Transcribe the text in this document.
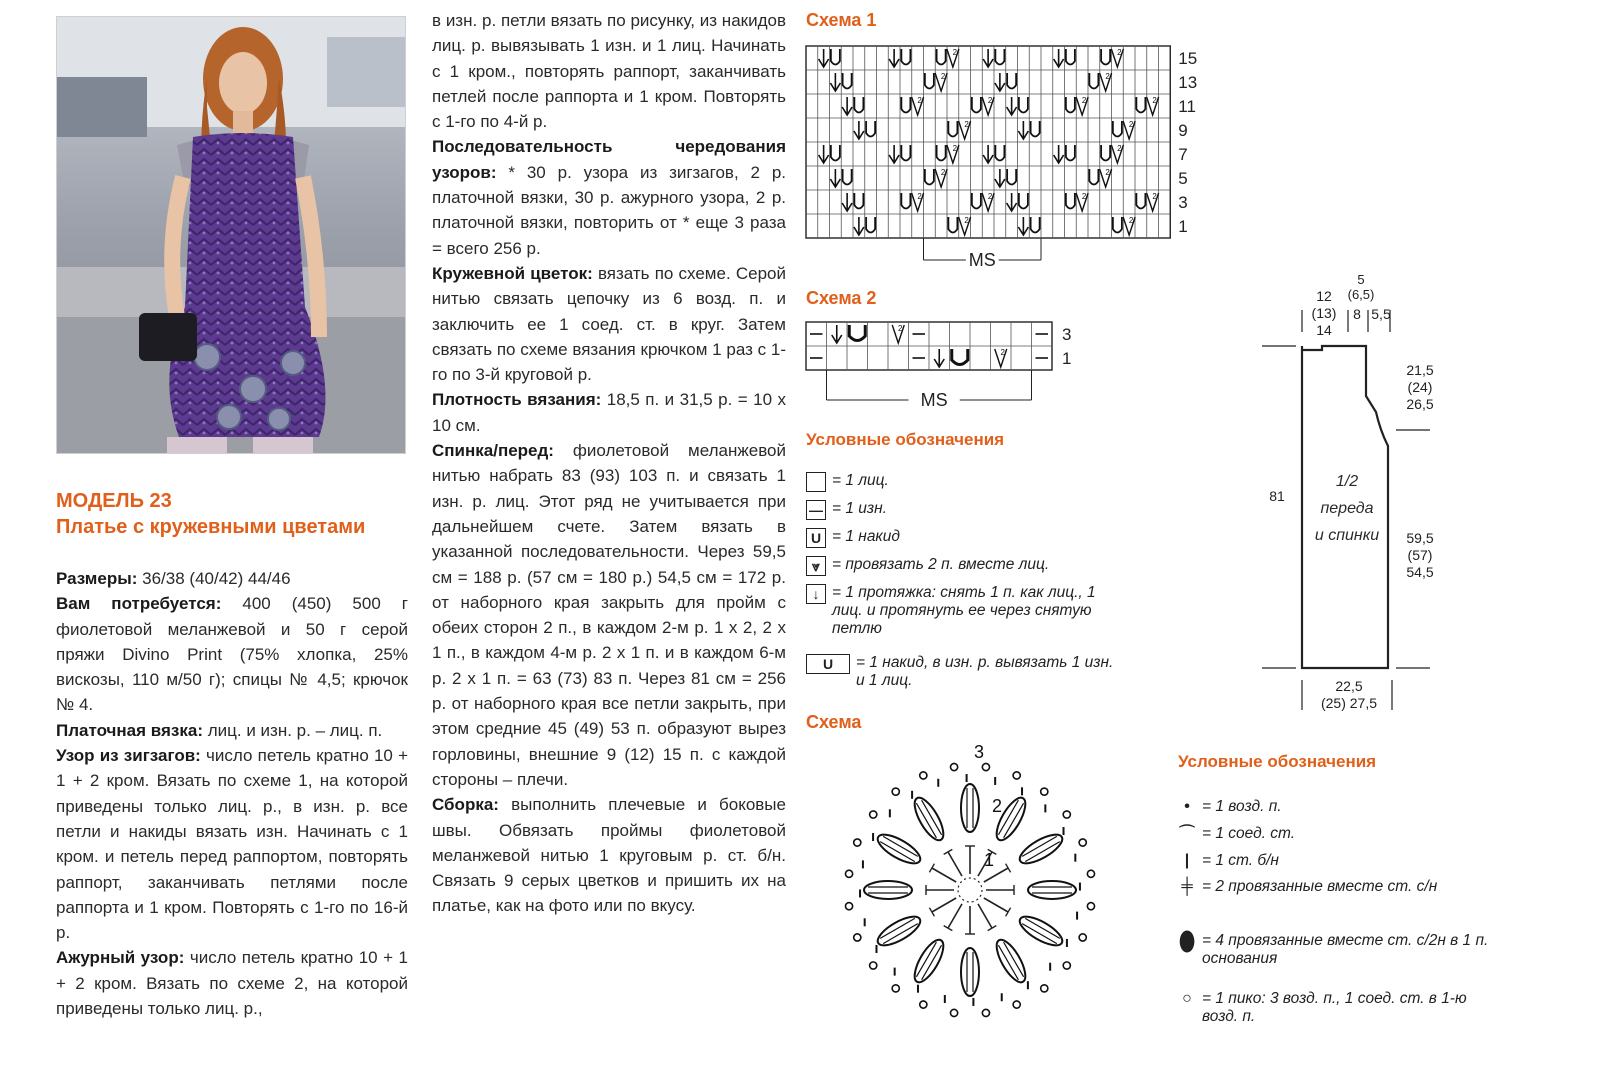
МОДЕЛЬ 23
Платье с кружевными цветами

Размеры: 36/38 (40/42) 44/46

Вам потребуется: 400 (450) 500 г фиолетовой меланжевой и 50 г серой пряжи Divino Print (75% хлопка, 25% вискозы, 110 м/50 г); спицы № 4,5; крючок № 4.

Платочная вязка: лиц. и изн. р. – лиц. п.

Узор из зигзагов: число петель кратно 10 + 1 + 2 кром. Вязать по схеме 1, на которой приведены только лиц. р., в изн. р. все петли и накиды вязать изн. Начинать с 1 кром. и петель перед раппортом, повторять раппорт, заканчивать петлями после раппорта и 1 кром. Повторять с 1-го по 16-й р.

Ажурный узор: число петель кратно 10 + 1 + 2 кром. Вязать по схеме 2, на которой приведены только лиц. р.,

в изн. р. петли вязать по рисунку, из накидов лиц. р. вывязывать 1 изн. и 1 лиц. Начинать с 1 кром., повторять раппорт, заканчивать петлей после раппорта и 1 кром. Повторять с 1-го по 4-й р.

Последовательность чередования узоров: * 30 р. узора из зигзагов, 2 р. платочной вязки, 30 р. ажурного узора, 2 р. платочной вязки, повторить от * еще 3 раза = всего 256 р.

Кружевной цветок: вязать по схеме. Серой нитью связать цепочку из 6 возд. п. и заключить ее 1 соед. ст. в круг. Затем связать по схеме вязания крючком 1 раз с 1-го по 3-й круговой р.

Плотность вязания: 18,5 п. и 31,5 р. = 10 х 10 см.

Спинка/перед: фиолетовой меланжевой нитью набрать 83 (93) 103 п. и связать 1 изн. р. лиц. Этот ряд не учитывается при дальнейшем счете. Затем вязать в указанной последовательности. Через 59,5 см = 188 р. (57 см = 180 р.) 54,5 см = 172 р. от наборного края закрыть для пройм с обеих сторон 2 п., в каждом 2-м р. 1 х 2, 2 х 1 п., в каждом 4-м р. 2 х 1 п. и в каждом 6-м р. 2 х 1 п. = 63 (73) 83 п. Через 81 см = 256 р. от наборного края все петли закрыть, при этом средние 45 (49) 53 п. образуют вырез горловины, внешние 9 (12) 15 п. с каждой стороны – плечи.

Сборка: выполнить плечевые и боковые швы. Обвязать проймы фиолетовой меланжевой нитью 1 круговым р. ст. б/н. Связать 9 серых цветков и пришить их на платье, как на фото или по вкусу.

Схема 1
2	2
2	2
2	2	2	2
2	2
2	2
2	2
2	2	2	2
2	2
15
13
11
9
7
5
3
1
MS
Схема 2
2
2
3
1
MS
Условные обозначения
= 1 лиц.
— = 1 изн.
U = 1 накид
⩔ = провязать 2 п. вместе лиц.
↓ = 1 протяжка: снять 1 п. как лиц., 1 лиц. и протянуть ее через снятую петлю
U	= 1 накид, в изн. р. вывязать 1 изн. и 1 лиц.
Схема
3
2
1
Условные обозначения
• = 1 возд. п.
⌒ = 1 соед. ст.
| = 1 ст. б/н
╪ = 2 провязанные вместе ст. с/н
⬮ = 4 провязанные вместе ст. с/2н в 1 п. основания
○ = 1 пико: 3 возд. п., 1 соед. ст. в 1-ю возд. п.
12
(13)
14
5
(6,5)
8 5,5
21,5
(24)
26,5
81
59,5
(57)
54,5
22,5
(25) 27,5
1/2
переда
и спинки
